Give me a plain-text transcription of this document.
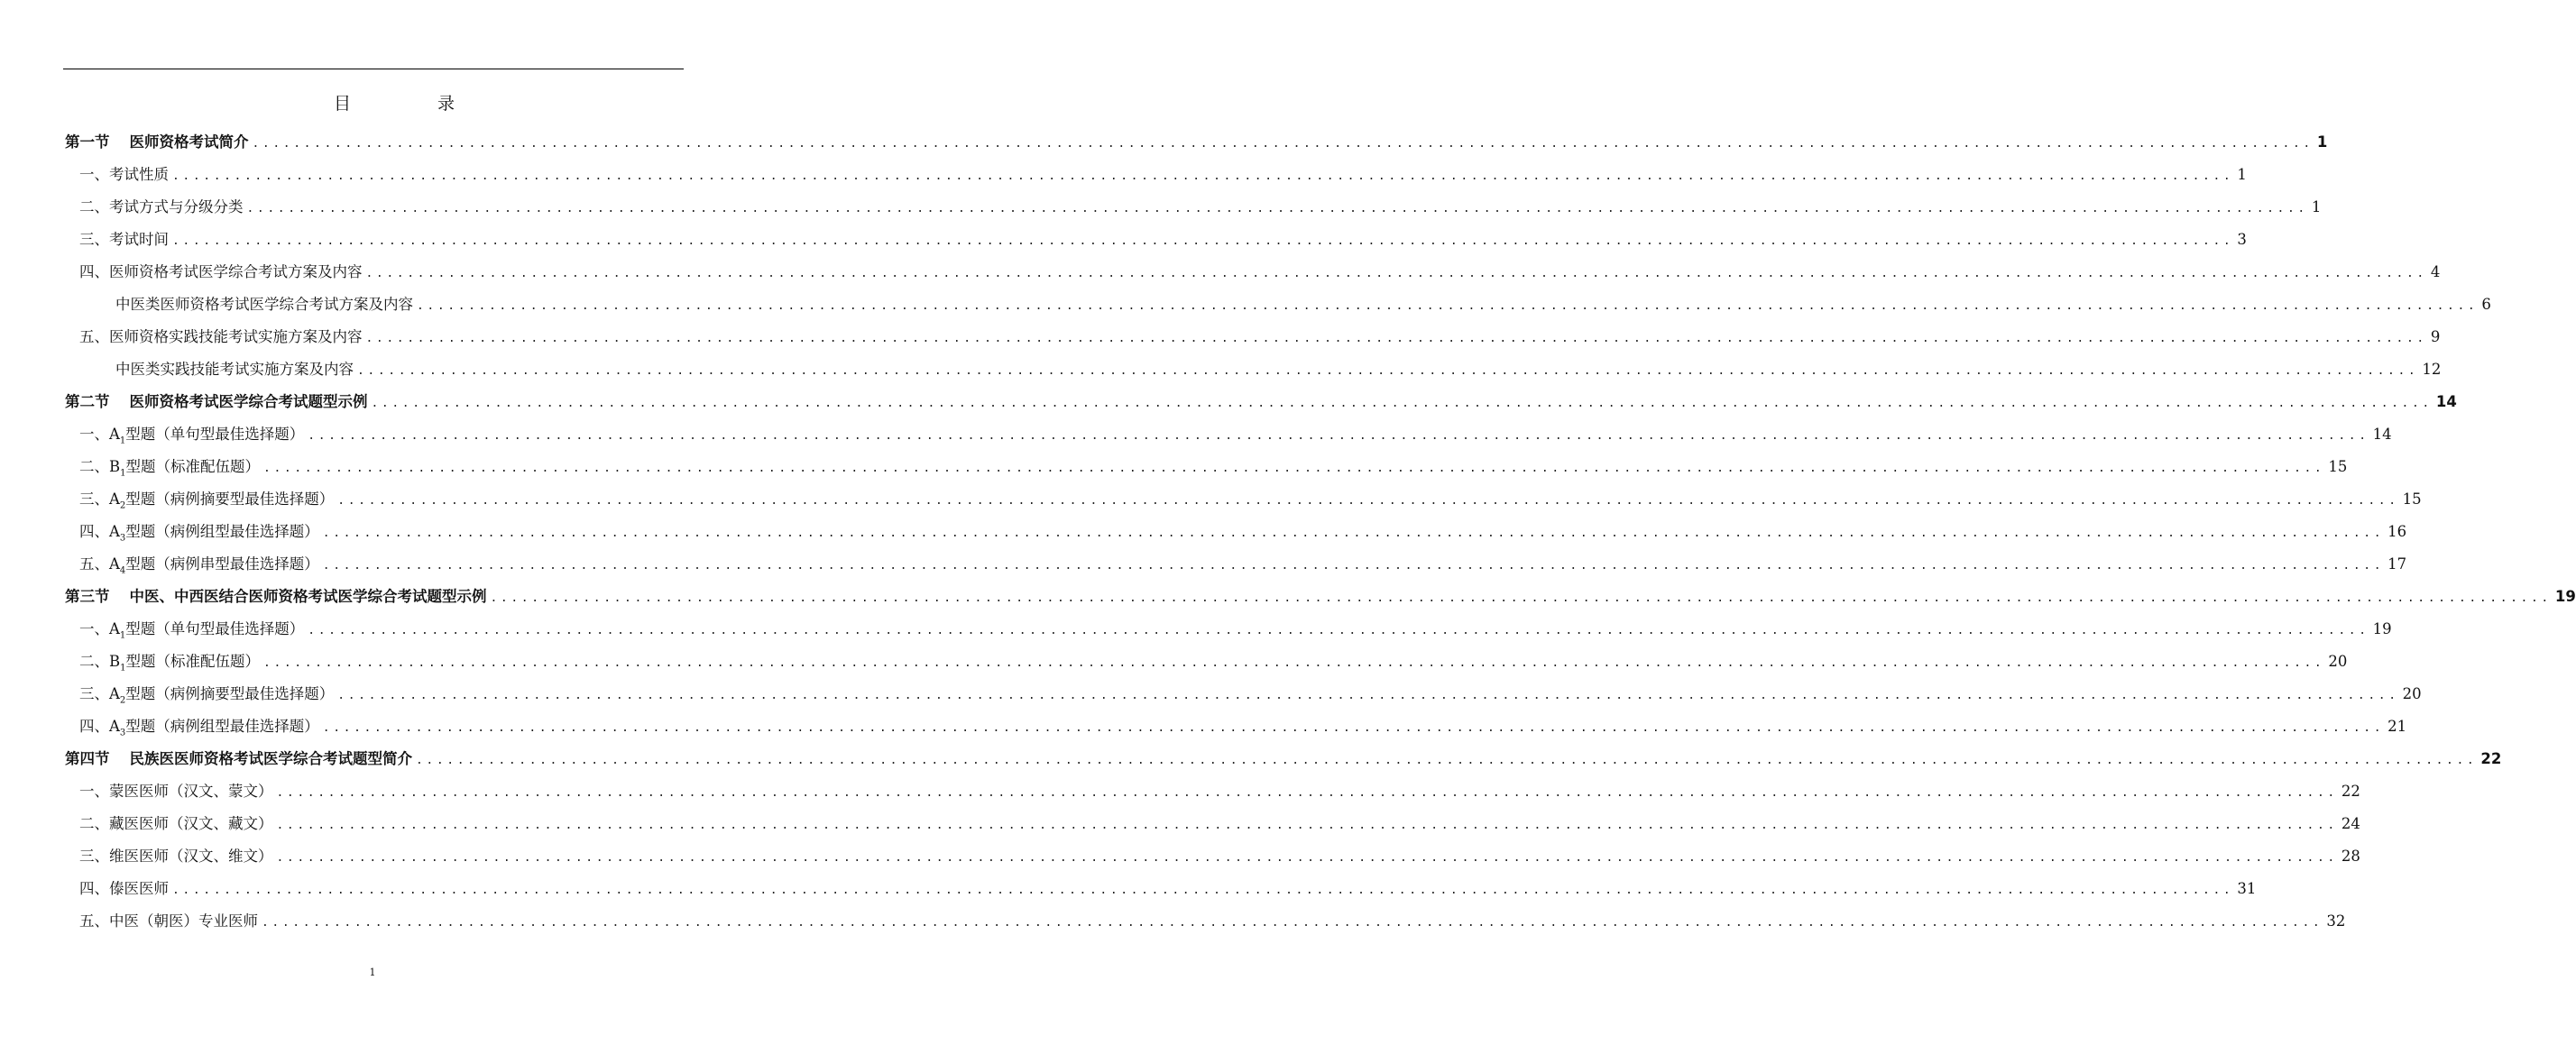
目	录
第一节 医师资格考试简介 ........................................................................................................................................................................................................ 1
一、考试性质 ........................................................................................................................................................................................................ 1
二、考试方式与分级分类 ........................................................................................................................................................................................................ 1
三、考试时间 ........................................................................................................................................................................................................ 3
四、医师资格考试医学综合考试方案及内容 ........................................................................................................................................................................................................ 4
中医类医师资格考试医学综合考试方案及内容 ........................................................................................................................................................................................................ 6
五、医师资格实践技能考试实施方案及内容 ........................................................................................................................................................................................................ 9
中医类实践技能考试实施方案及内容 ........................................................................................................................................................................................................ 12
第二节 医师资格考试医学综合考试题型示例 ........................................................................................................................................................................................................ 14
一、$A_1$型题（单句型最佳选择题） ........................................................................................................................................................................................................ 14
二、$B_1$型题（标准配伍题） ........................................................................................................................................................................................................ 15
三、$A_2$型题（病例摘要型最佳选择题） ........................................................................................................................................................................................................ 15
四、$A_3$型题（病例组型最佳选择题） ........................................................................................................................................................................................................ 16
五、$A_4$型题（病例串型最佳选择题） ........................................................................................................................................................................................................ 17
第三节 中医、中西医结合医师资格考试医学综合考试题型示例 ........................................................................................................................................................................................................ 19
一、$A_1$型题（单句型最佳选择题） ........................................................................................................................................................................................................ 19
二、$B_1$型题（标准配伍题） ........................................................................................................................................................................................................ 20
三、$A_2$型题（病例摘要型最佳选择题） ........................................................................................................................................................................................................ 20
四、$A_3$型题（病例组型最佳选择题） ........................................................................................................................................................................................................ 21
第四节 民族医医师资格考试医学综合考试题型简介 ........................................................................................................................................................................................................ 22
一、蒙医医师（汉文、蒙文） ........................................................................................................................................................................................................ 22
二、藏医医师（汉文、藏文） ........................................................................................................................................................................................................ 24
三、维医医师（汉文、维文） ........................................................................................................................................................................................................ 28
四、傣医医师 ........................................................................................................................................................................................................ 31
五、中医（朝医）专业医师 ........................................................................................................................................................................................................ 32
1
